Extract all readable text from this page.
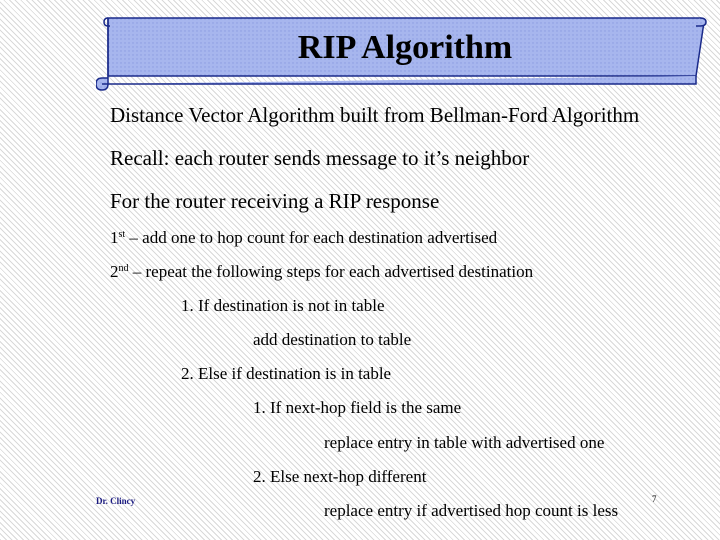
RIP Algorithm
Distance Vector Algorithm built from Bellman-Ford Algorithm
Recall: each router sends message to it’s neighbor
For the router receiving a RIP response
1st – add one to hop count for each destination advertised
2nd – repeat the following steps for each advertised destination
1. If destination is not in table
add destination to table
2. Else if destination is in table
1. If next-hop field is the same
replace entry in table with advertised one
2. Else next-hop different
replace entry if advertised hop count is less
Dr. Clincy	7
